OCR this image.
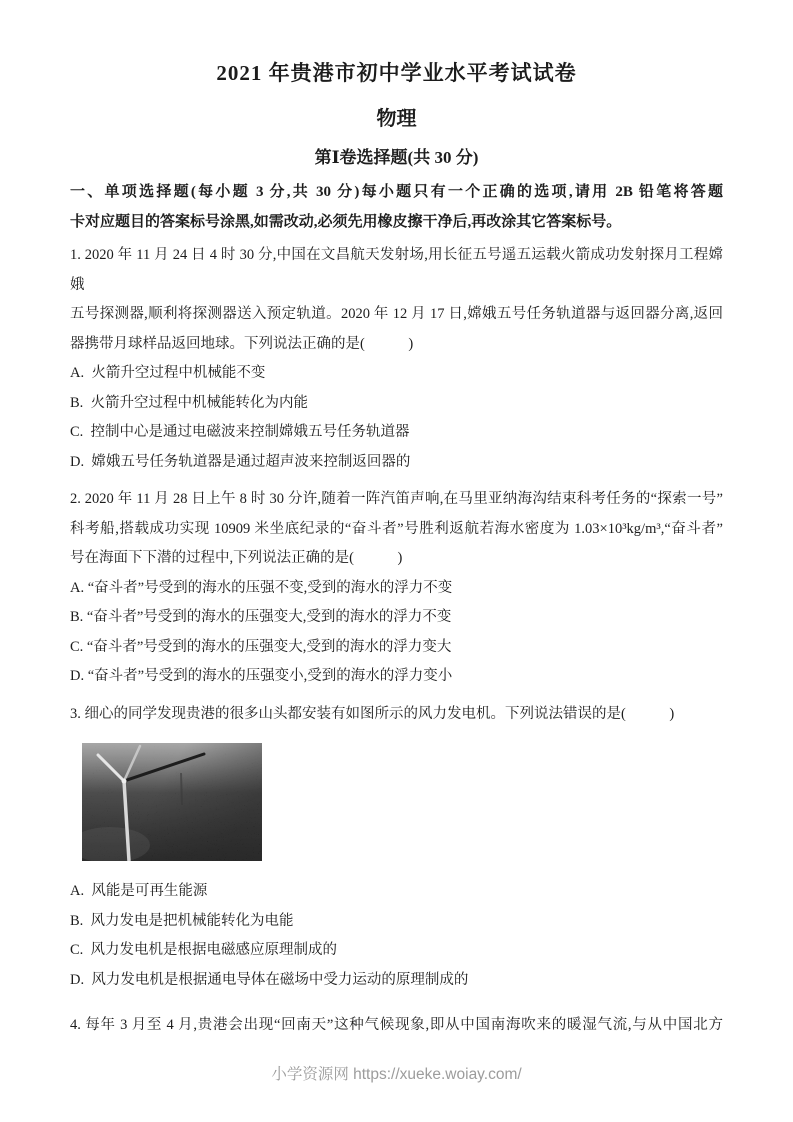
2021 年贵港市初中学业水平考试试卷
物理
第Ⅰ卷选择题(共 30 分)

一、单项选择题(每小题 3 分,共 30 分)每小题只有一个正确的选项,请用 2B 铅笔将答题

卡对应题目的答案标号涂黑,如需改动,必须先用橡皮擦干净后,再改涂其它答案标号。

1. 2020 年 11 月 24 日 4 时 30 分,中国在文昌航天发射场,用长征五号遥五运载火箭成功发射探月工程嫦娥

五号探测器,顺利将探测器送入预定轨道。2020 年 12 月 17 日,嫦娥五号任务轨道器与返回器分离,返回

器携带月球样品返回地球。下列说法正确的是(　　　)

A.  火箭升空过程中机械能不变

B.  火箭升空过程中机械能转化为内能

C.  控制中心是通过电磁波来控制嫦娥五号任务轨道器

D.  嫦娥五号任务轨道器是通过超声波来控制返回器的

2. 2020 年 11 月 28 日上午 8 时 30 分许,随着一阵汽笛声响,在马里亚纳海沟结束科考任务的“探索一号”

科考船,搭载成功实现 10909 米坐底纪录的“奋斗者”号胜利返航若海水密度为 1.03×10³kg/m³,“奋斗者”

号在海面下下潜的过程中,下列说法正确的是(　　　)

A. “奋斗者”号受到的海水的压强不变,受到的海水的浮力不变

B. “奋斗者”号受到的海水的压强变大,受到的海水的浮力不变

C. “奋斗者”号受到的海水的压强变大,受到的海水的浮力变大

D. “奋斗者”号受到的海水的压强变小,受到的海水的浮力变小

3. 细心的同学发现贵港的很多山头都安装有如图所示的风力发电机。下列说法错误的是(　　　)

A.  风能是可再生能源

B.  风力发电是把机械能转化为电能

C.  风力发电机是根据电磁感应原理制成的

D.  风力发电机是根据通电导体在磁场中受力运动的原理制成的

4. 每年 3 月至 4 月,贵港会出现“回南天”这种气候现象,即从中国南海吹来的暖湿气流,与从中国北方

小学资源网 https://xueke.woiay.com/
